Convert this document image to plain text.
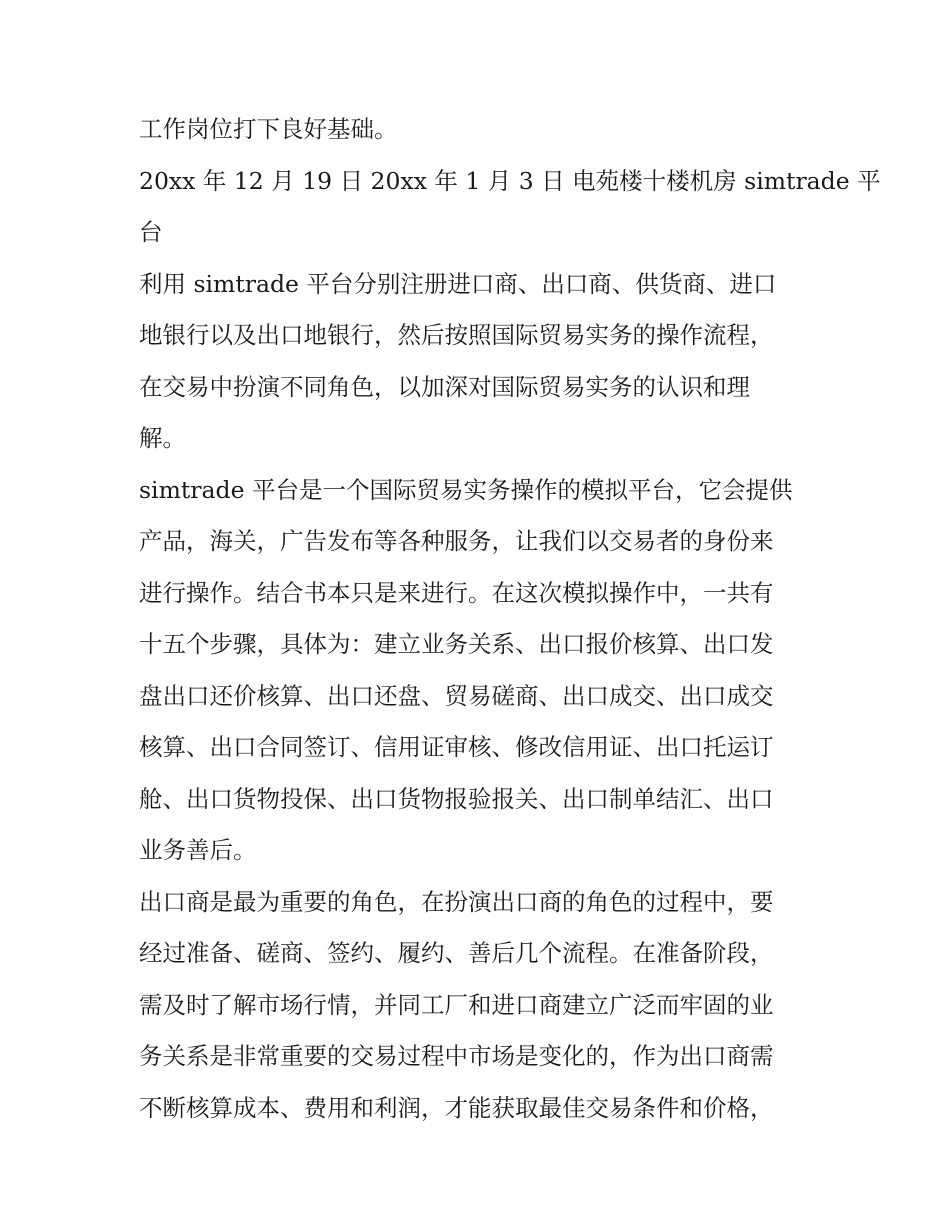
工作岗位打下良好基础。
20xx 年 12 月 19 日 20xx 年 1 月 3 日 电苑楼十楼机房 simtrade 平
台
利用 simtrade 平台分别注册进口商、出口商、供货商、进口
地银行以及出口地银行，然后按照国际贸易实务的操作流程，
在交易中扮演不同角色，以加深对国际贸易实务的认识和理
解。
simtrade 平台是一个国际贸易实务操作的模拟平台，它会提供
产品，海关，广告发布等各种服务，让我们以交易者的身份来
进行操作。结合书本只是来进行。在这次模拟操作中，一共有
十五个步骤，具体为：建立业务关系、出口报价核算、出口发
盘出口还价核算、出口还盘、贸易磋商、出口成交、出口成交
核算、出口合同签订、信用证审核、修改信用证、出口托运订
舱、出口货物投保、出口货物报验报关、出口制单结汇、出口
业务善后。
出口商是最为重要的角色，在扮演出口商的角色的过程中，要
经过准备、磋商、签约、履约、善后几个流程。在准备阶段，
需及时了解市场行情，并同工厂和进口商建立广泛而牢固的业
务关系是非常重要的交易过程中市场是变化的，作为出口商需
不断核算成本、费用和利润，才能获取最佳交易条件和价格，
